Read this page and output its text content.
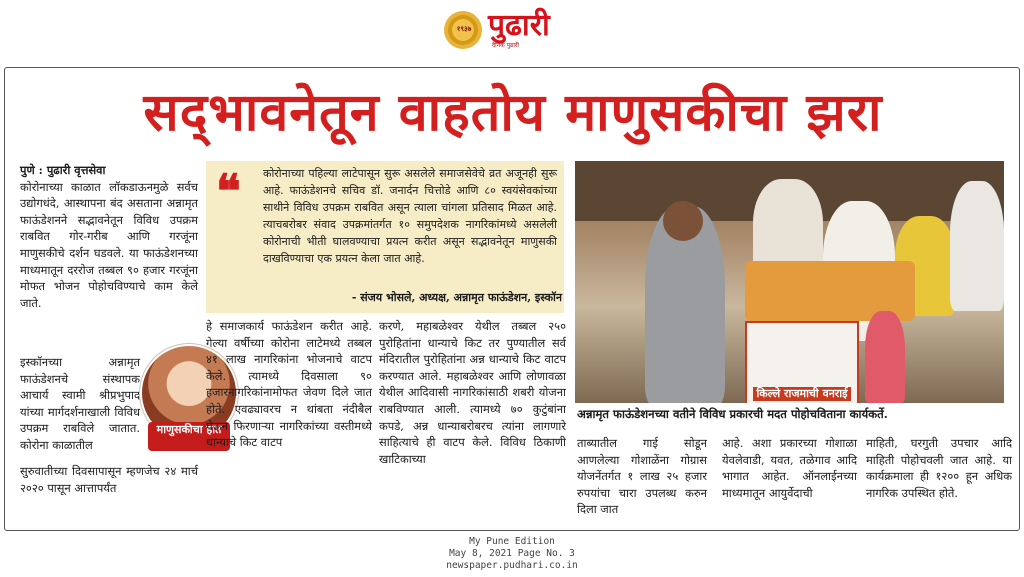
१९३७ पुढारी
दैनिक पुढारी
सद्‌भावनेतून वाहतोय माणुसकीचा झरा
पुणे : पुढारी वृत्तसेवा
कोरोनाच्या काळात लॉकडाऊनमुळे सर्वच उद्योगधंदे, आस्थापना बंद असताना अन्नामृत फाऊंडेशनने सद्भावनेतून विविध उपक्रम राबवित गोर-गरीब आणि गरजूंना माणुसकीचे दर्शन घडवले. या फाऊंडेशनच्या माध्यमातून दररोज तब्बल ९० हजार गरजूंना मोफत भोजन पोहोचविण्याचे काम केले जाते.
इस्कॉनच्या अन्नामृत फाऊंडेशनचे संस्थापक आचार्य स्वामी श्रीप्रभुपाद यांच्या मार्गदर्शनाखाली विविध उपक्रम राबविले जातात. कोरोना काळातील
सुरुवातीच्या दिवसापासून म्हणजेच २४ मार्च २०२० पासून आत्तापर्यंत
माणुसकीचा हात
❝ कोरोनाच्या पहिल्या लाटेपासून सुरू असलेले समाजसेवेचे व्रत अजूनही सुरू आहे. फाऊंडेशनचे सचिव डॉ. जनार्दन चित्तोडे आणि ८० स्वयंसेवकांच्या साथीने विविध उपक्रम राबवित असून त्याला चांगला प्रतिसाद मिळत आहे. त्याचबरोबर संवाद उपक्रमांतर्गत १० समुपदेशक नागरिकांमध्ये असलेली कोरोनाची भीती घालवण्याचा प्रयत्न करीत असून सद्भावनेतून माणुसकी दाखविण्याचा एक प्रयत्न केला जात आहे.
- संजय भोसले, अध्यक्ष, अन्नामृत फाऊंडेशन, इस्कॉन
हे समाजकार्य फाऊंडेशन करीत आहे. गेल्या वर्षीच्या कोरोना लाटेमध्ये तब्बल ४१ लाख नागरिकांना भोजनाचे वाटप केले. त्यामध्ये दिवसाला ९० हजारनागरिकांनामोफत जेवण दिले जात होते. एवढ्यावरच न थांबता नंदीबैल घेऊन फिरणाऱ्या नागरिकांच्या वस्तीमध्ये धान्याचे किट वाटप
करणे, महाबळेश्वर येथील तब्बल २५० पुरोहितांना धान्याचे किट तर पुण्यातील सर्व मंदिरातील पुरोहितांना अन्न धान्याचे किट वाटप करण्यात आले. महाबळेश्वर आणि लोणावळा येथील आदिवासी नागरिकांसाठी शबरी योजना राबविण्यात आली. त्यामध्ये ७० कुटुंबांना कपडे, अन्न धान्याबरोबरच त्यांना लागणारे साहित्याचे ही वाटप केले. विविध ठिकाणी खाटिकाच्या
किल्ले राजमाची वनराई
अन्नामृत फाऊंडेशनच्या वतीने विविध प्रकारची मदत पोहोचविताना कार्यकर्ते.
ताब्यातील गाई सोडून आणलेल्या गोशाळेंना गोग्रास योजनेंतर्गत १ लाख २५ हजार रुपयांचा चारा उपलब्ध करुन दिला जात
आहे. अशा प्रकारच्या गोशाळा येवलेवाडी, यवत, तळेगाव आदि भागात आहेत. ऑनलाईनच्या माध्यमातून आयुर्वेदाची
माहिती, घरगुती उपचार आदि माहिती पोहोचवली जात आहे. या कार्यक्रमाला ही १२०० हून अधिक नागरिक उपस्थित होते.
My Pune Edition
May 8, 2021 Page No. 3
newspaper.pudhari.co.in
